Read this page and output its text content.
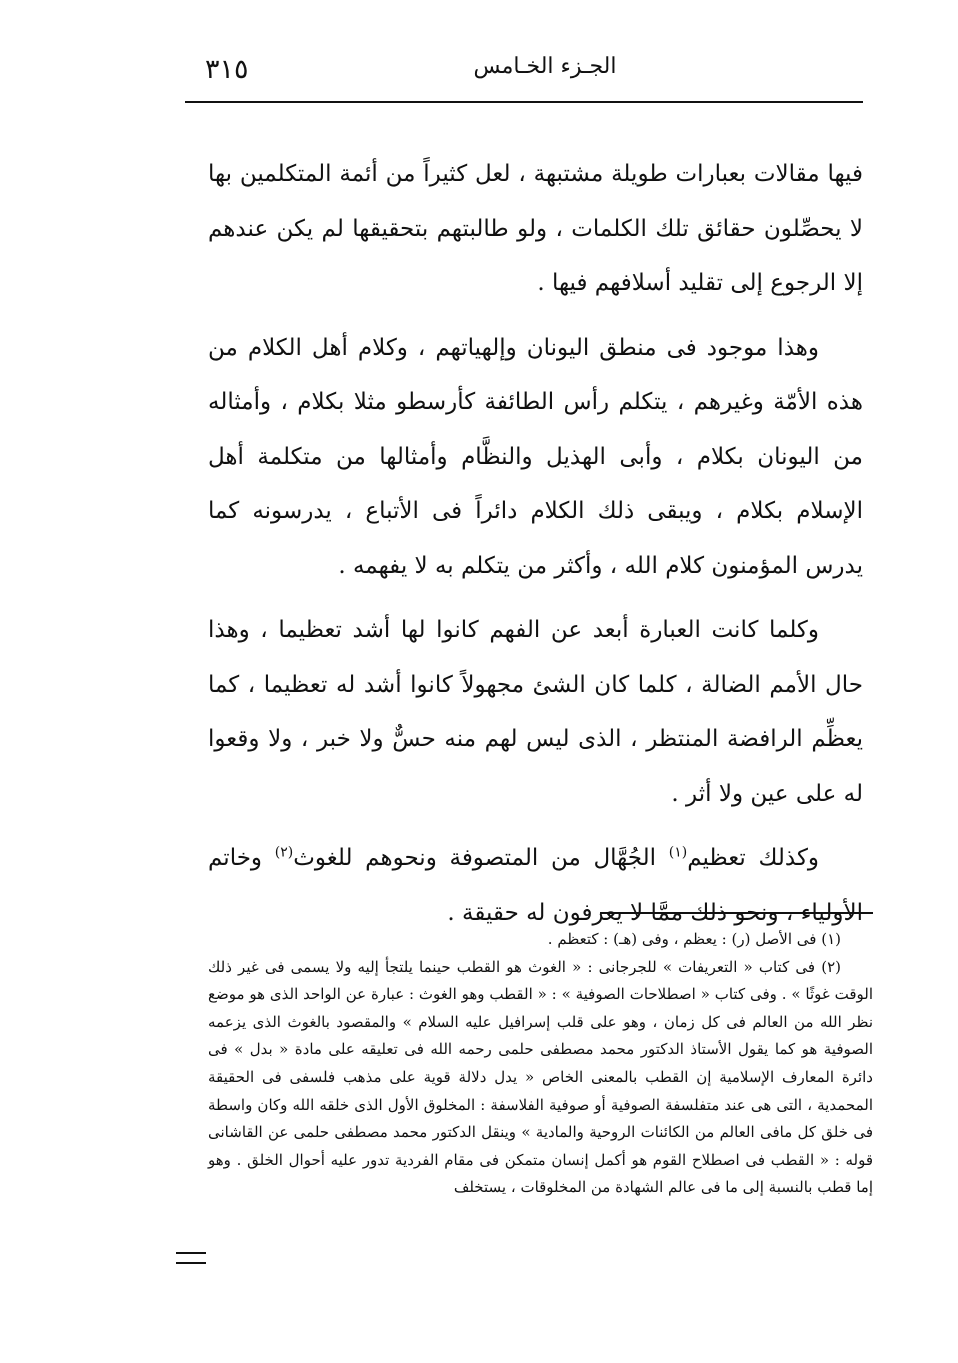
٣١٥	الجـزء الخـامس

فيها مقالات بعبارات طويلة مشتبهة ، لعل كثيراً من أئمة المتكلمين بها لا يحصِّلون حقائق تلك الكلمات ، ولو طالبتهم بتحقيقها لم يكن عندهم إلا الرجوع إلى تقليد أسلافهم فيها .

وهذا موجود فى منطق اليونان وإلهياتهم ، وكلام أهل الكلام من هذه الأمّة وغيرهم ، يتكلم رأس الطائفة كأرسطو مثلا بكلام ، وأمثاله من اليونان بكلام ، وأبى الهذيل والنظَّام وأمثالها من متكلمة أهل الإسلام بكلام ، ويبقى ذلك الكلام دائراً فى الأتباع ، يدرسونه كما يدرس المؤمنون كلام الله ، وأكثر من يتكلم به لا يفهمه .

وكلما كانت العبارة أبعد عن الفهم كانوا لها أشد تعظيما ، وهذا حال الأمم الضالة ، كلما كان الشئ مجهولاً كانوا أشد له تعظيما ، كما يعظِّم الرافضة المنتظر ، الذى ليس لهم منه حسٌّ ولا خبر ، ولا وقعوا له على عين ولا أثر .

وكذلك تعظيم$^{(١)}$ الجُهَّال من المتصوفة ونحوهم للغوث$^{(٢)}$ وخاتم الأولياء ، ونحو ذلك ممَّا لا يعرفون له حقيقة .

(١) فى الأصل (ر) : يعظم ، وفى (هـ) : كتعظم .

(٢) فى كتاب « التعريفات » للجرجانى : « الغوث هو القطب حينما يلتجأ إليه ولا يسمى فى غير ذلك الوقت غوثًا » . وفى كتاب « اصطلاحات الصوفية » : « القطب وهو الغوث : عبارة عن الواحد الذى هو موضع نظر الله من العالم فى كل زمان ، وهو على قلب إسرافيل عليه السلام » والمقصود بالغوث الذى يزعمه الصوفية هو كما يقول الأستاذ الدكتور محمد مصطفى حلمى رحمه الله فى تعليقه على مادة « بدل » فى دائرة المعارف الإسلامية إن القطب بالمعنى الخاص « يدل دلالة قوية على مذهب فلسفى فى الحقيقة المحمدية ، التى هى عند متفلسفة الصوفية أو صوفية الفلاسفة : المخلوق الأول الذى خلقه الله وكان واسطة فى خلق كل مافى العالم من الكائنات الروحية والمادية » وينقل الدكتور محمد مصطفى حلمى عن القاشانى قوله : « القطب فى اصطلاح القوم هو أكمل إنسان متمكن فى مقام الفردية تدور عليه أحوال الخلق . وهو إما قطب بالنسبة إلى ما فى عالم الشهادة من المخلوقات ، يستخلف
